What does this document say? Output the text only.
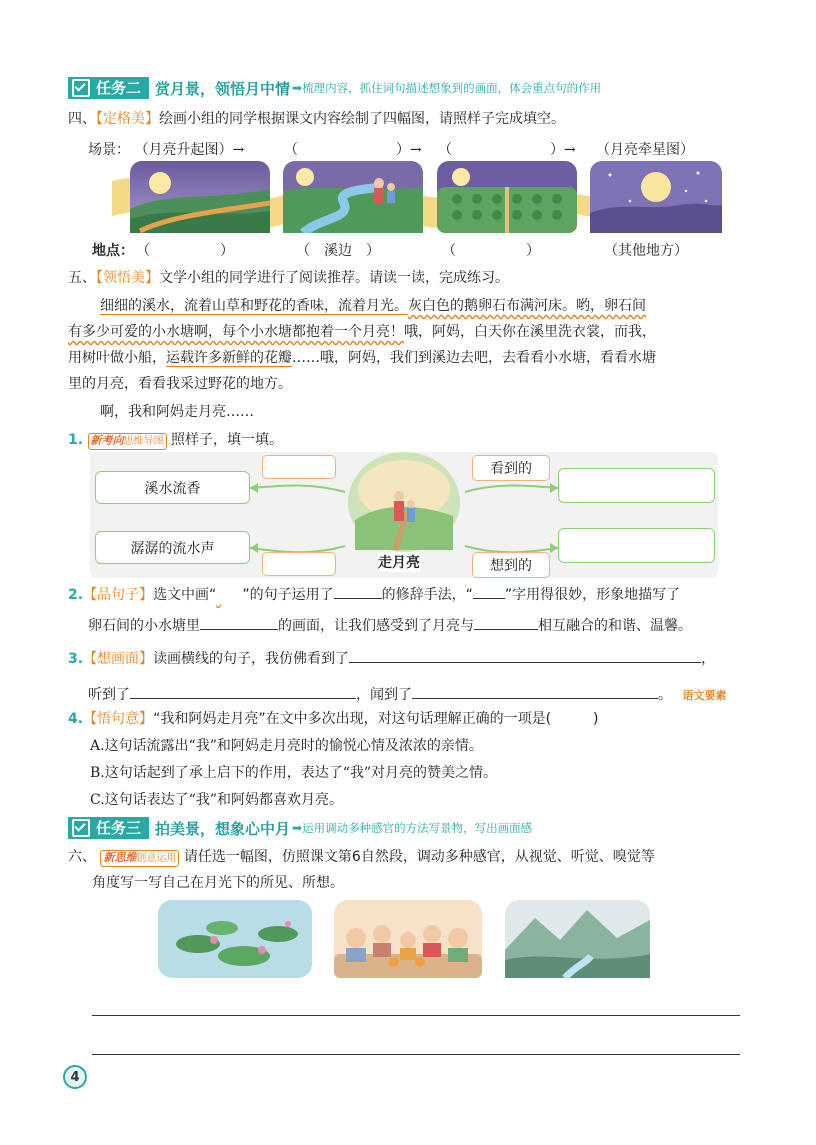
任务二 赏月景，领悟月中情 ➡ 梳理内容，抓住词句描述想象到的画面，体会重点句的作用
四、【定格美】绘画小组的同学根据课文内容绘制了四幅图，请照样子完成填空。
场景： （月亮升起图）→	（　　　　　　　）→ （　　　　　　　）→ （月亮牵星图）
地点： （　　　　　）	（　溪边　）	（　　　　　）	（其他地方）
五、【领悟美】文学小组的同学进行了阅读推荐。请读一读，完成练习。
细细的溪水，流着山草和野花的香味，流着月光。灰白色的鹅卵石布满河床。哟，卵石间
有多少可爱的小水塘啊，每个小水塘都抱着一个月亮！哦，阿妈，白天你在溪里洗衣裳，而我，
用树叶做小船，运载许多新鲜的花瓣……哦，阿妈，我们到溪边去吧，去看看小水塘，看看水塘
里的月亮，看看我采过野花的地方。
啊，我和阿妈走月亮……
1. 新考向思维导图 照样子，填一填。
看到的
想到的
溪水流香
潺潺的流水声
走月亮
2.【品句子】选文中画“ ”的句子运用了	的修辞手法，“ ”字用得很妙，形象地描写了
卵石间的小水塘里	的画面，让我们感受到了月亮与	相互融合的和谐、温馨。
3.【想画面】读画横线的句子，我仿佛看到了	，
听到了	，闻到了	。 语文要素
4.【悟句意】“我和阿妈走月亮”在文中多次出现，对这句话理解正确的一项是(　　　)
A.这句话流露出“我”和阿妈走月亮时的愉悦心情及浓浓的亲情。
B.这句话起到了承上启下的作用，表达了“我”对月亮的赞美之情。
C.这句话表达了“我”和阿妈都喜欢月亮。
任务三 拍美景，想象心中月 ➡ 运用调动多种感官的方法写景物，写出画面感
六、 新思维创意运用 请任选一幅图，仿照课文第6自然段，调动多种感官，从视觉、听觉、嗅觉等
角度写一写自己在月光下的所见、所想。
4
